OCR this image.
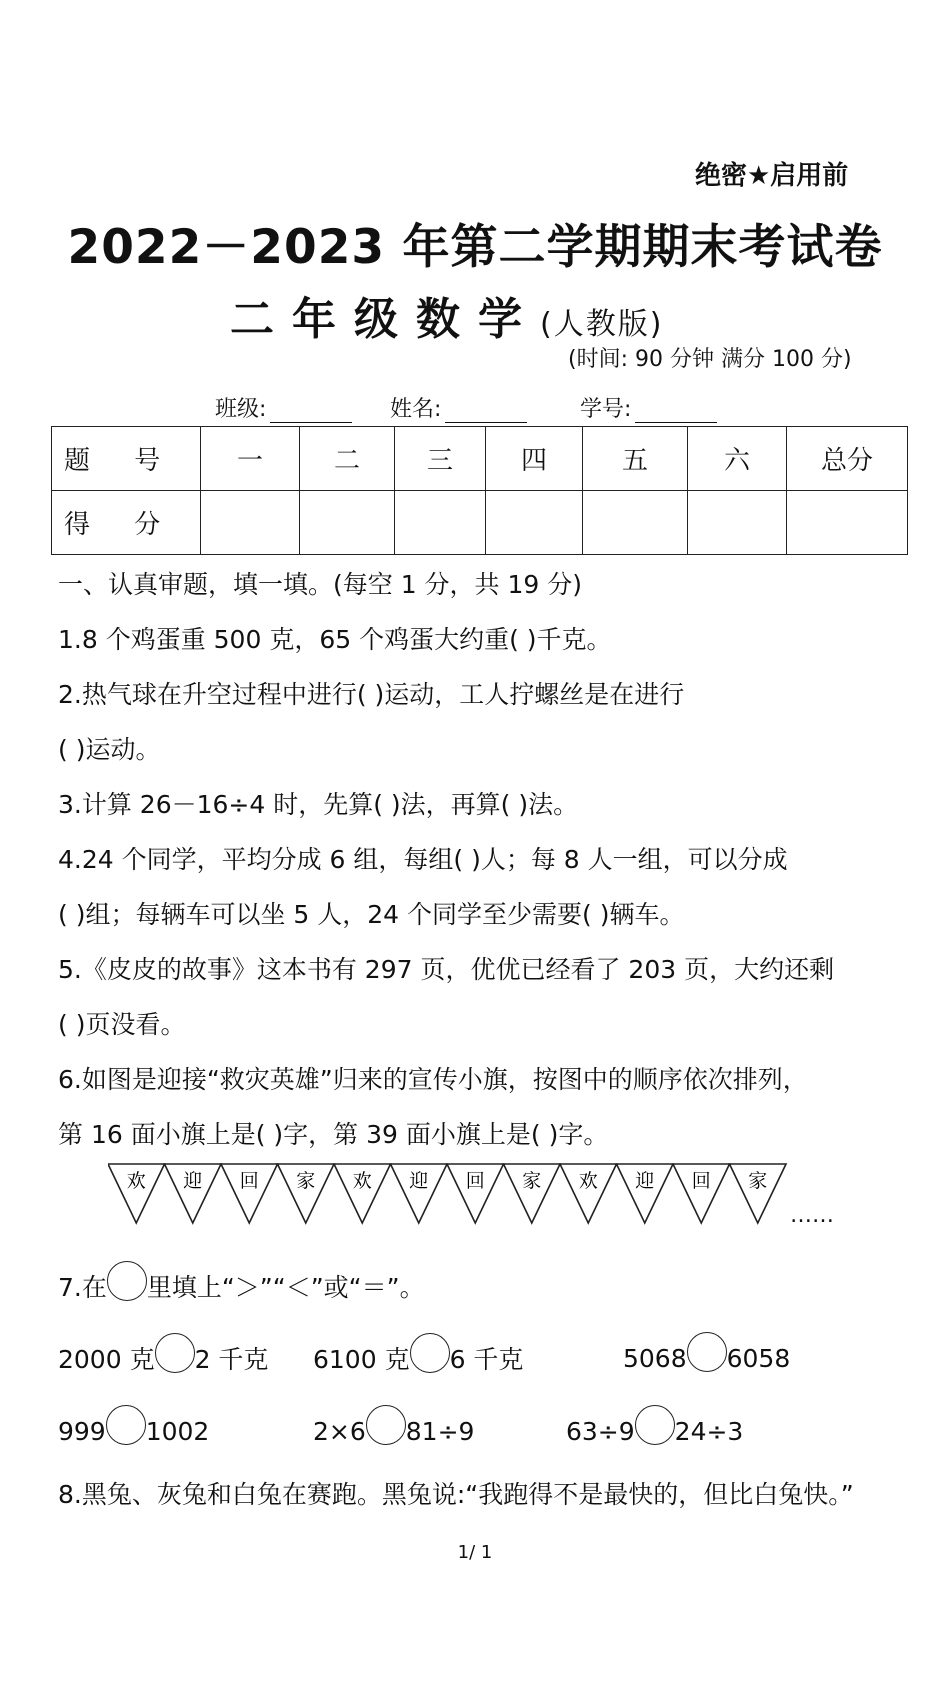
绝密★启用前
2022－2023 年第二学期期末考试卷
二年级数学(人教版)
(时间: 90 分钟 满分 100 分)
班级:	姓名:	学号:
题 号	一	二	三	四	五	六	总分
得 分							
一、认真审题，填一填。(每空 1 分，共 19 分)
1.8 个鸡蛋重 500 克，65 个鸡蛋大约重( )千克。
2.热气球在升空过程中进行( )运动，工人拧螺丝是在进行
( )运动。
3.计算 26－16÷4 时，先算( )法，再算( )法。
4.24 个同学，平均分成 6 组，每组( )人；每 8 人一组，可以分成
( )组；每辆车可以坐 5 人，24 个同学至少需要( )辆车。
5.《皮皮的故事》这本书有 297 页，优优已经看了 203 页，大约还剩
( )页没看。
6.如图是迎接“救灾英雄”归来的宣传小旗，按图中的顺序依次排列，
第 16 面小旗上是( )字，第 39 面小旗上是( )字。
欢 迎 回 家 欢 迎 回 家 欢 迎 回 家
……
7.在 里填上“＞”“＜”或“＝”。
2000 克 2 千克 6100 克 6 千克	5068 6058
999 1002	2×6 81÷9	63÷9 24÷3
8.黑兔、灰兔和白兔在赛跑。黑兔说:“我跑得不是最快的，但比白兔快。”
1/ 1
